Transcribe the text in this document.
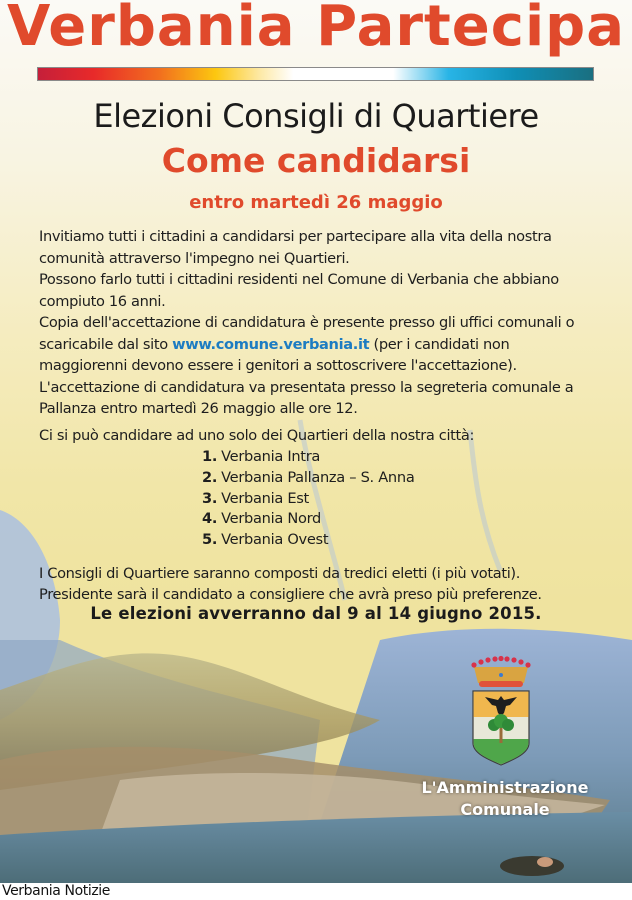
Verbania Partecipa
Elezioni Consigli di Quartiere
Come candidarsi
entro martedì 26 maggio

Invitiamo tutti i cittadini a candidarsi per partecipare alla vita della nostra comunità attraverso l'impegno nei Quartieri.

Possono farlo tutti i cittadini residenti nel Comune di Verbania che abbiano compiuto 16 anni.

Copia dell'accettazione di candidatura è presente presso gli uffici comunali o scaricabile dal sito www.comune.verbania.it (per i candidati non maggiorenni devono essere i genitori a sottoscrivere l'accettazione).

L'accettazione di candidatura va presentata presso la segreteria comunale a Pallanza entro martedì 26 maggio alle ore 12.

Ci si può candidare ad uno solo dei Quartieri della nostra città:
1. Verbania Intra
2. Verbania Pallanza – S. Anna
3. Verbania Est
4. Verbania Nord
5. Verbania Ovest

I Consigli di Quartiere saranno composti da tredici eletti (i più votati).

Presidente sarà il candidato a consigliere che avrà preso più preferenze.

Le elezioni avverranno dal 9 al 14 giugno 2015.

L'Amministrazione

Comunale

Verbania Notizie
